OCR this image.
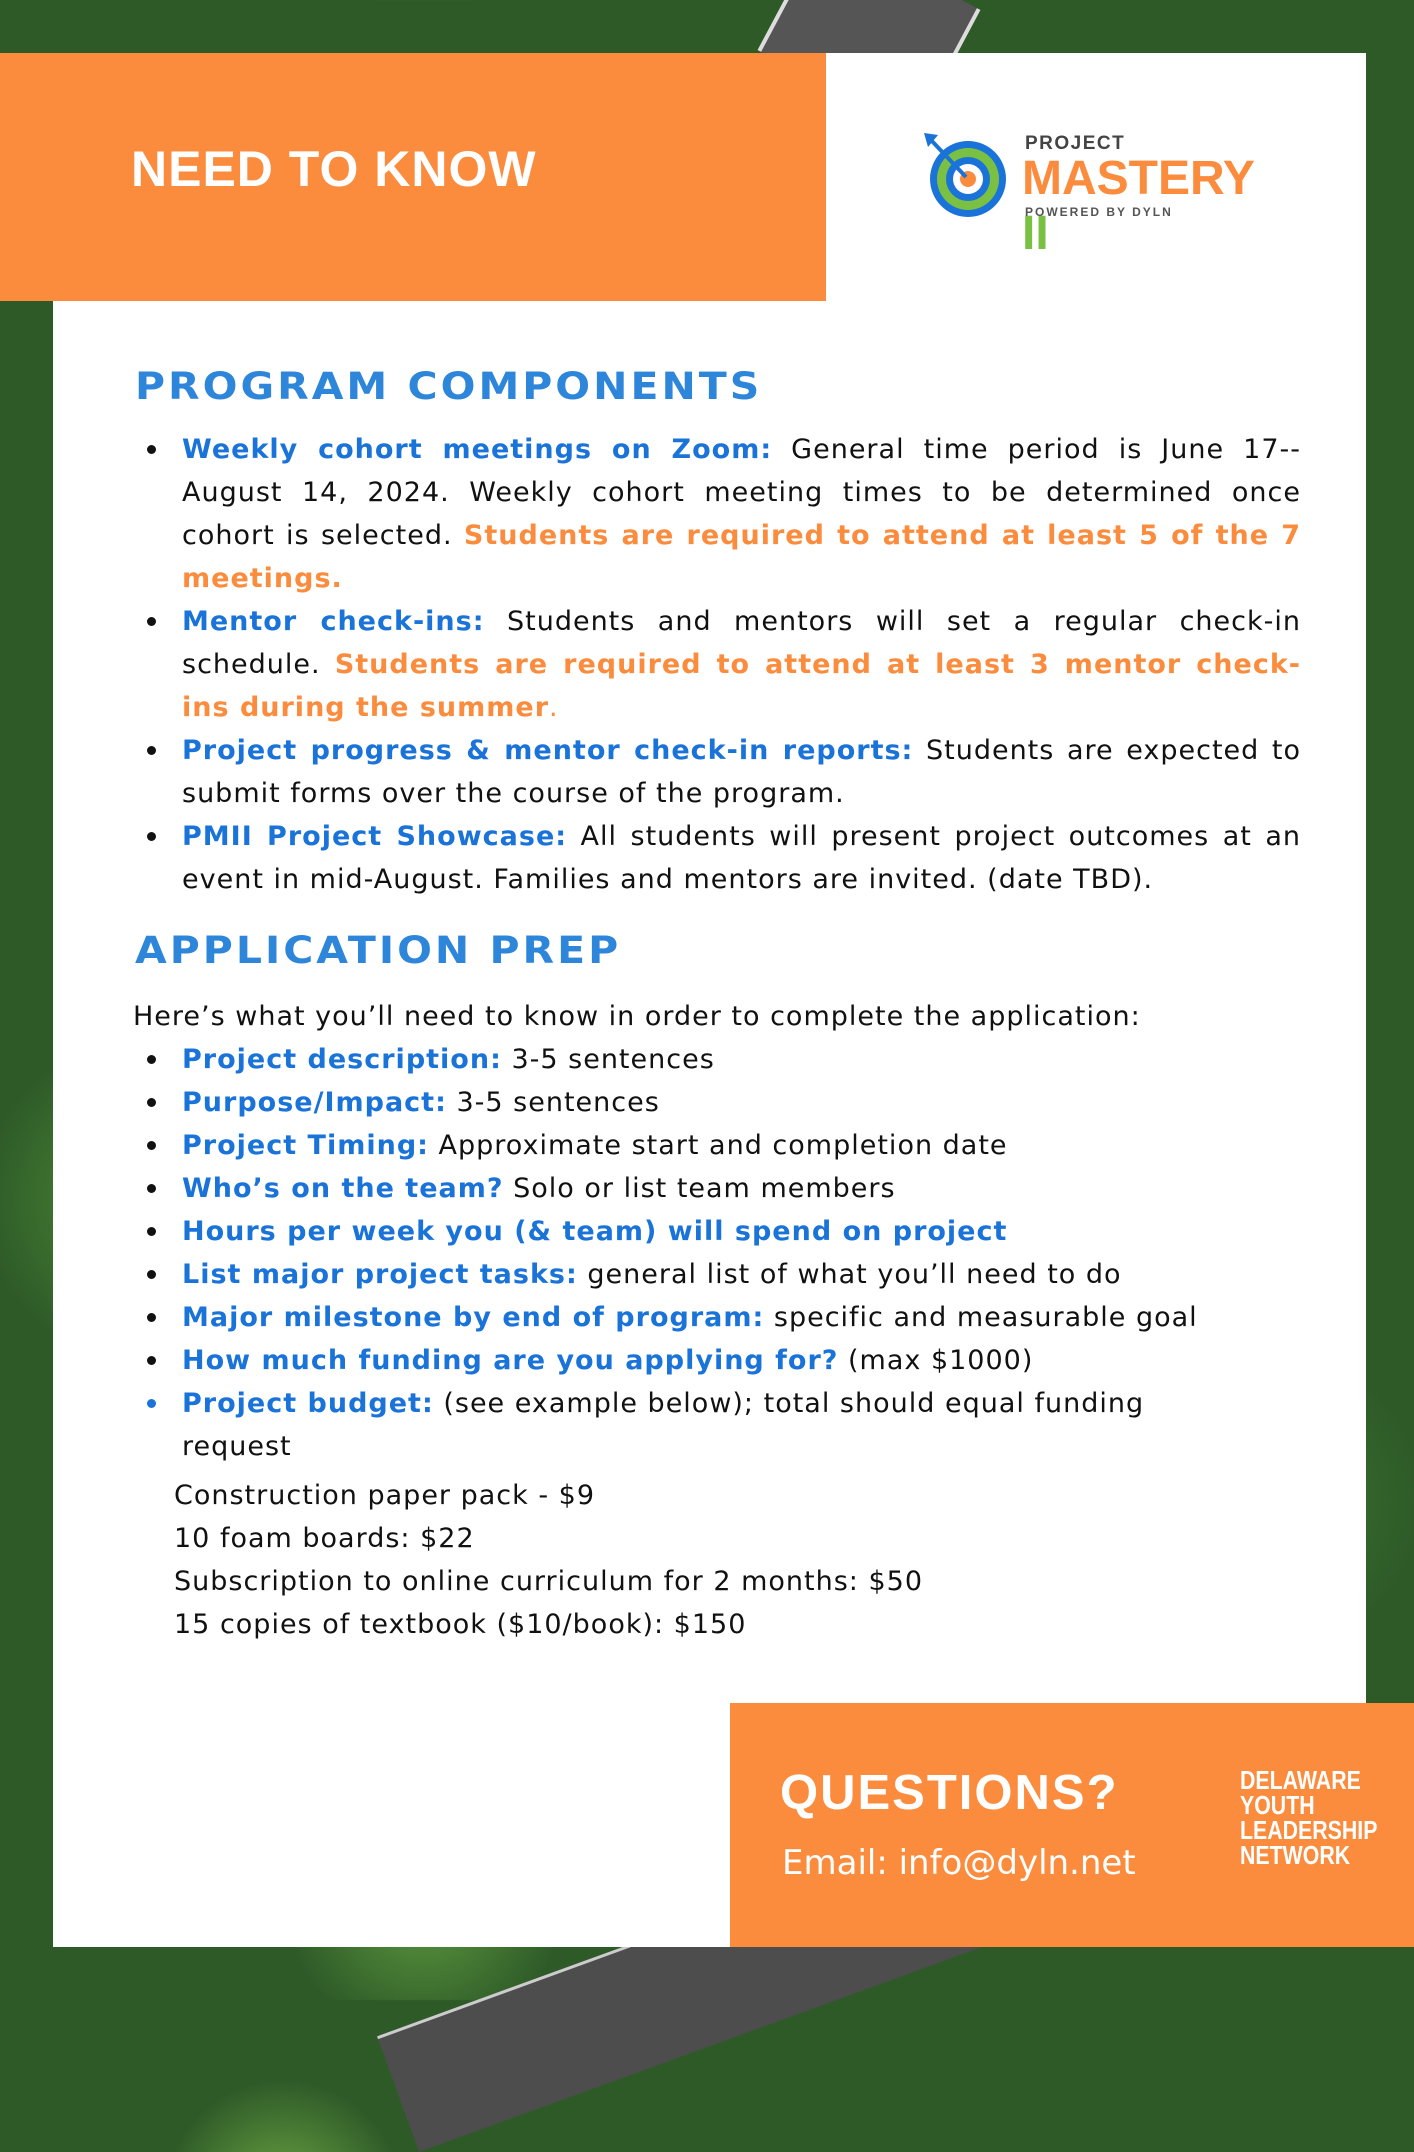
NEED TO KNOW	PROJECT
MASTERY II
POWERED BY DYLN
PROGRAM COMPONENTS
Weekly cohort meetings on Zoom: General time period is June 17-- August 14, 2024. Weekly cohort meeting times to be determined once cohort is selected. Students are required to attend at least 5 of the 7 meetings.
Mentor check-ins: Students and mentors will set a regular check-in schedule. Students are required to attend at least 3 mentor check-ins during the summer.
Project progress & mentor check-in reports: Students are expected to submit forms over the course of the program.
PMII Project Showcase: All students will present project outcomes at an event in mid-August. Families and mentors are invited. (date TBD).
APPLICATION PREP
Here’s what you’ll need to know in order to complete the application:
Project description: 3-5 sentences
Purpose/Impact: 3-5 sentences
Project Timing: Approximate start and completion date
Who’s on the team? Solo or list team members
Hours per week you (& team) will spend on project
List major project tasks: general list of what you’ll need to do
Major milestone by end of program: specific and measurable goal
How much funding are you applying for? (max $1000)
Project budget: (see example below); total should equal funding request
Construction paper pack - $9
10 foam boards: $22
Subscription to online curriculum for 2 months: $50
15 copies of textbook ($10/book): $150
QUESTIONS?
Email: info@dyln.net
DELAWARE
YOUTH
LEADERSHIP
NETWORK
